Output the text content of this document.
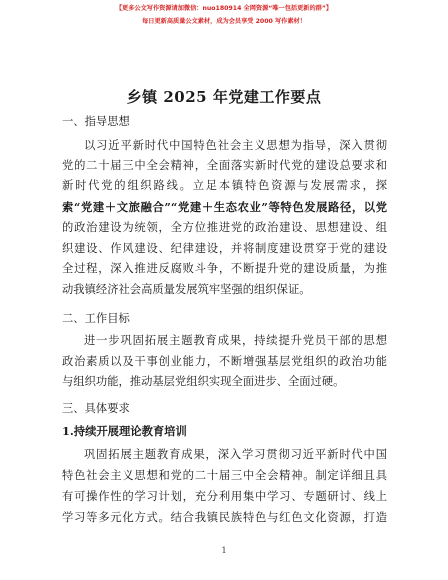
【更多公文写作资源请加微信：nuo180914 全网资源“唯一包括更新的群”】
每日更新高质量公文素材，成为会员享受 2000 写作素材！
乡镇 2025 年党建工作要点
一、指导思想
以习近平新时代中国特色社会主义思想为指导，深入贯彻
党的二十届三中全会精神，全面落实新时代党的建设总要求和
新时代党的组织路线。立足本镇特色资源与发展需求，探
索“党建＋文旅融合”“党建＋生态农业”等特色发展路径，以党
的政治建设为统领，全方位推进党的政治建设、思想建设、组
织建设、作风建设、纪律建设，并将制度建设贯穿于党的建设
全过程，深入推进反腐败斗争，不断提升党的建设质量，为推
动我镇经济社会高质量发展筑牢坚强的组织保证。
二、工作目标
进一步巩固拓展主题教育成果，持续提升党员干部的思想
政治素质以及干事创业能力，不断增强基层党组织的政治功能
与组织功能，推动基层党组织实现全面进步、全面过硬。
三、具体要求
1.持续开展理论教育培训
巩固拓展主题教育成果，深入学习贯彻习近平新时代中国
特色社会主义思想和党的二十届三中全会精神。制定详细且具
有可操作性的学习计划，充分利用集中学习、专题研讨、线上
学习等多元化方式。结合我镇民族特色与红色文化资源，打造
1
